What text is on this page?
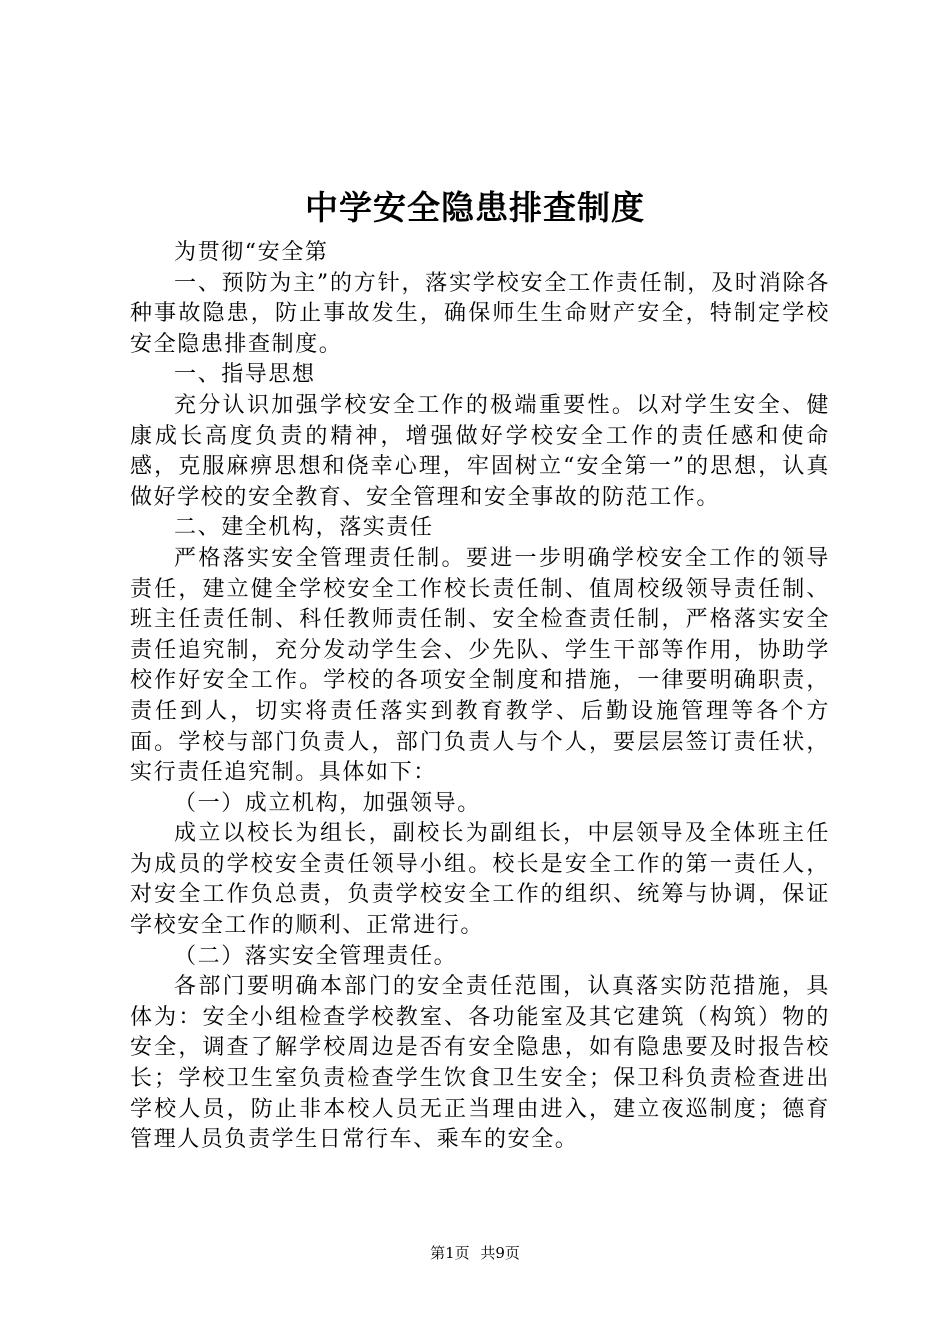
中学安全隐患排查制度

为贯彻“安全第

一、预防为主”的方针，落实学校安全工作责任制，及时消除各种事故隐患，防止事故发生，确保师生生命财产安全，特制定学校安全隐患排查制度。

一、指导思想

充分认识加强学校安全工作的极端重要性。以对学生安全、健康成长高度负责的精神，增强做好学校安全工作的责任感和使命感，克服麻痹思想和侥幸心理，牢固树立“安全第一”的思想，认真做好学校的安全教育、安全管理和安全事故的防范工作。

二、建全机构，落实责任

严格落实安全管理责任制。要进一步明确学校安全工作的领导责任，建立健全学校安全工作校长责任制、值周校级领导责任制、班主任责任制、科任教师责任制、安全检查责任制，严格落实安全责任追究制，充分发动学生会、少先队、学生干部等作用，协助学校作好安全工作。学校的各项安全制度和措施，一律要明确职责，责任到人，切实将责任落实到教育教学、后勤设施管理等各个方面。学校与部门负责人，部门负责人与个人，要层层签订责任状，实行责任追究制。具体如下：

（一）成立机构，加强领导。

成立以校长为组长，副校长为副组长，中层领导及全体班主任为成员的学校安全责任领导小组。校长是安全工作的第一责任人，对安全工作负总责，负责学校安全工作的组织、统筹与协调，保证学校安全工作的顺利、正常进行。

（二）落实安全管理责任。

各部门要明确本部门的安全责任范围，认真落实防范措施，具体为：安全小组检查学校教室、各功能室及其它建筑（构筑）物的安全，调查了解学校周边是否有安全隐患，如有隐患要及时报告校长；学校卫生室负责检查学生饮食卫生安全；保卫科负责检查进出学校人员，防止非本校人员无正当理由进入，建立夜巡制度；德育管理人员负责学生日常行车、乘车的安全。

第1页 共9页
